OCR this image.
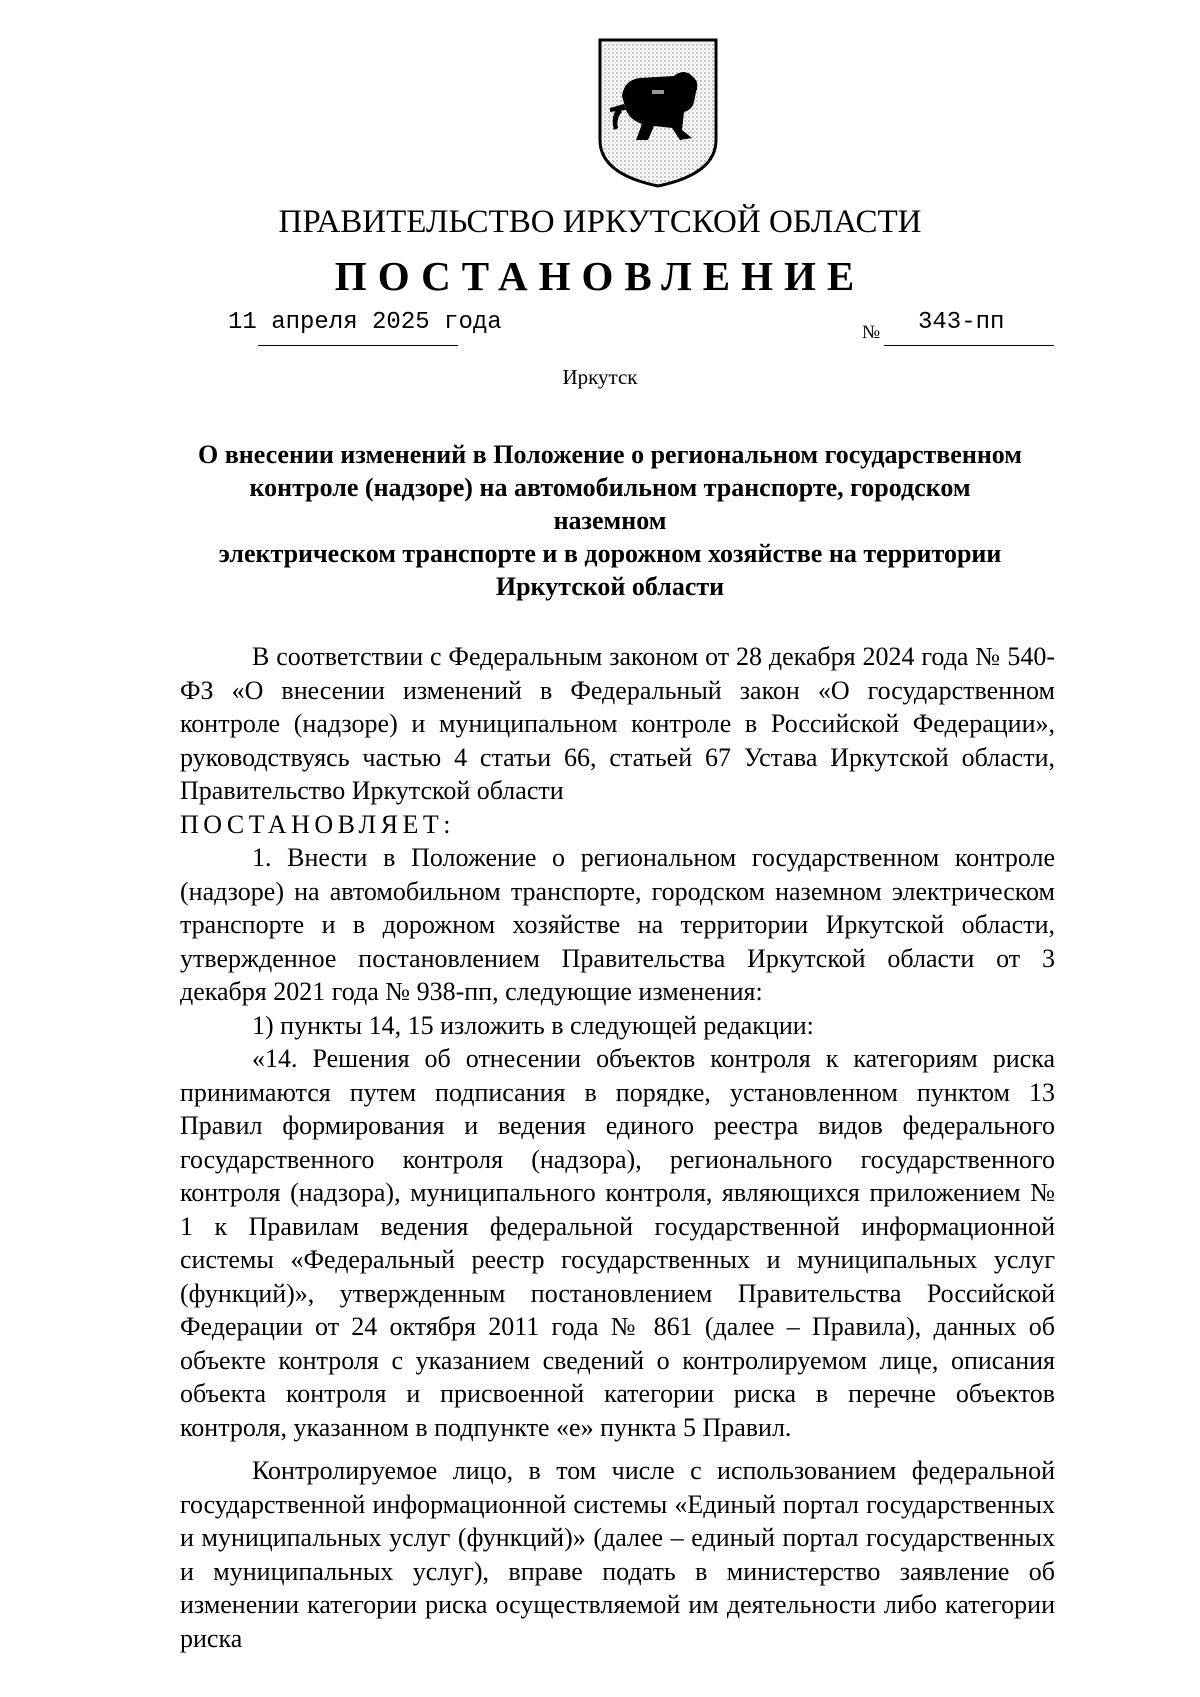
ПРАВИТЕЛЬСТВО ИРКУТСКОЙ ОБЛАСТИ
ПОСТАНОВЛЕНИЕ
11 апреля 2025 года	№ 343-пп
Иркутск

О внесении изменений в Положение о региональном государственном

контроле (надзоре) на автомобильном транспорте, городском наземном

электрическом транспорте и в дорожном хозяйстве на территории

Иркутской области

В соответствии с Федеральным законом от 28 декабря 2024 года № 540-ФЗ «О внесении изменений в Федеральный закон «О государственном контроле (надзоре) и муниципальном контроле в Российской Федерации», руководствуясь частью 4 статьи 66, статьей 67 Устава Иркутской области, Правительство Иркутской области

ПОСТАНОВЛЯЕТ:

1. Внести в Положение о региональном государственном контроле (надзоре) на автомобильном транспорте, городском наземном электрическом транспорте и в дорожном хозяйстве на территории Иркутской области, утвержденное постановлением Правительства Иркутской области от 3 декабря 2021 года № 938-пп, следующие изменения:

1) пункты 14, 15 изложить в следующей редакции:

«14. Решения об отнесении объектов контроля к категориям риска принимаются путем подписания в порядке, установленном пунктом 13 Правил формирования и ведения единого реестра видов федерального государственного контроля (надзора), регионального государственного контроля (надзора), муниципального контроля, являющихся приложением № 1 к Правилам ведения федеральной государственной информационной системы «Федеральный реестр государственных и муниципальных услуг (функций)», утвержденным постановлением Правительства Российской Федерации от 24 октября 2011 года № 861 (далее – Правила), данных об объекте контроля с указанием сведений о контролируемом лице, описания объекта контроля и присвоенной категории риска в перечне объектов контроля, указанном в подпункте «е» пункта 5 Правил.

Контролируемое лицо, в том числе с использованием федеральной государственной информационной системы «Единый портал государственных и муниципальных услуг (функций)» (далее – единый портал государственных и муниципальных услуг), вправе подать в министерство заявление об изменении категории риска осуществляемой им деятельности либо категории риска
